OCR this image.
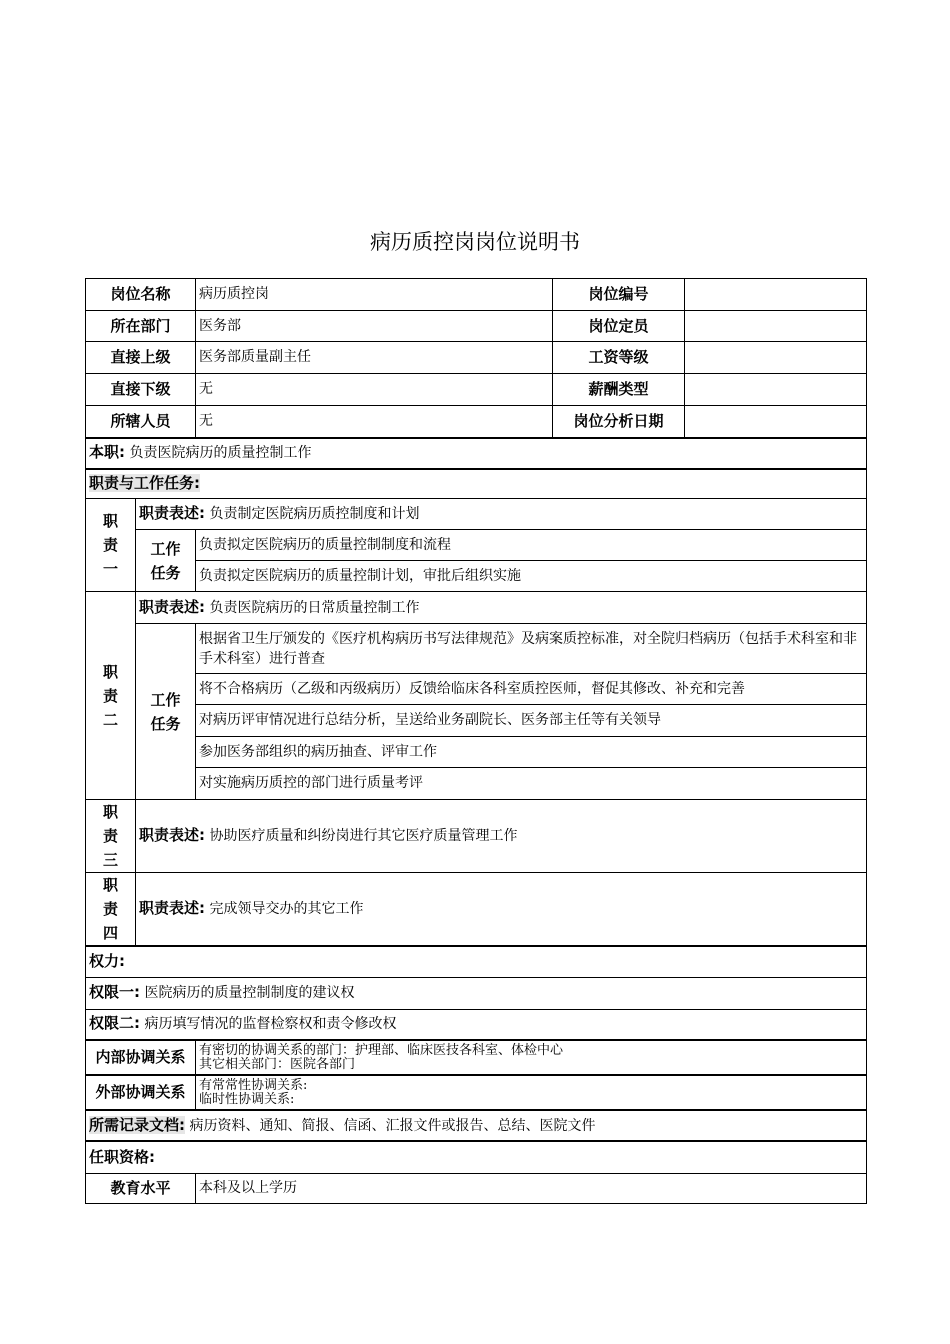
病历质控岗岗位说明书
岗位名称		病历质控岗	岗位编号	
所在部门		医务部	岗位定员	
直接上级		医务部质量副主任	工资等级	
直接下级		无	薪酬类型	
所辖人员		无	岗位分析日期	
本职: 负责医院病历的质量控制工作				
职责与工作任务:				
职
责
一	职责表述: 负责制定医院病历质控制度和计划			
	工作
任务	负责拟定医院病历的质量控制制度和流程		
		负责拟定医院病历的质量控制计划，审批后组织实施		
职
责
二	职责表述: 负责医院病历的日常质量控制工作			
	工作
任务	根据省卫生厅颁发的《医疗机构病历书写法律规范》及病案质控标准，对全院归档病历（包括手术科室和非手术科室）进行普查		
		将不合格病历（乙级和丙级病历）反馈给临床各科室质控医师，督促其修改、补充和完善		
		对病历评审情况进行总结分析，呈送给业务副院长、医务部主任等有关领导		
		参加医务部组织的病历抽查、评审工作		
		对实施病历质控的部门进行质量考评		
职
责
三	职责表述: 协助医疗质量和纠纷岗进行其它医疗质量管理工作			
职
责
四	职责表述: 完成领导交办的其它工作			
权力:				
权限一: 医院病历的质量控制制度的建议权				
权限二: 病历填写情况的监督检察权和责令修改权				
内部协调关系		有密切的协调关系的部门：护理部、临床医技各科室、体检中心
其它相关部门：医院各部门		

外部协调关系		有常常性协调关系:
临时性协调关系:		

所需记录文档: 病历资料、通知、简报、信函、汇报文件或报告、总结、医院文件				
任职资格:				
教育水平		本科及以上学历		
